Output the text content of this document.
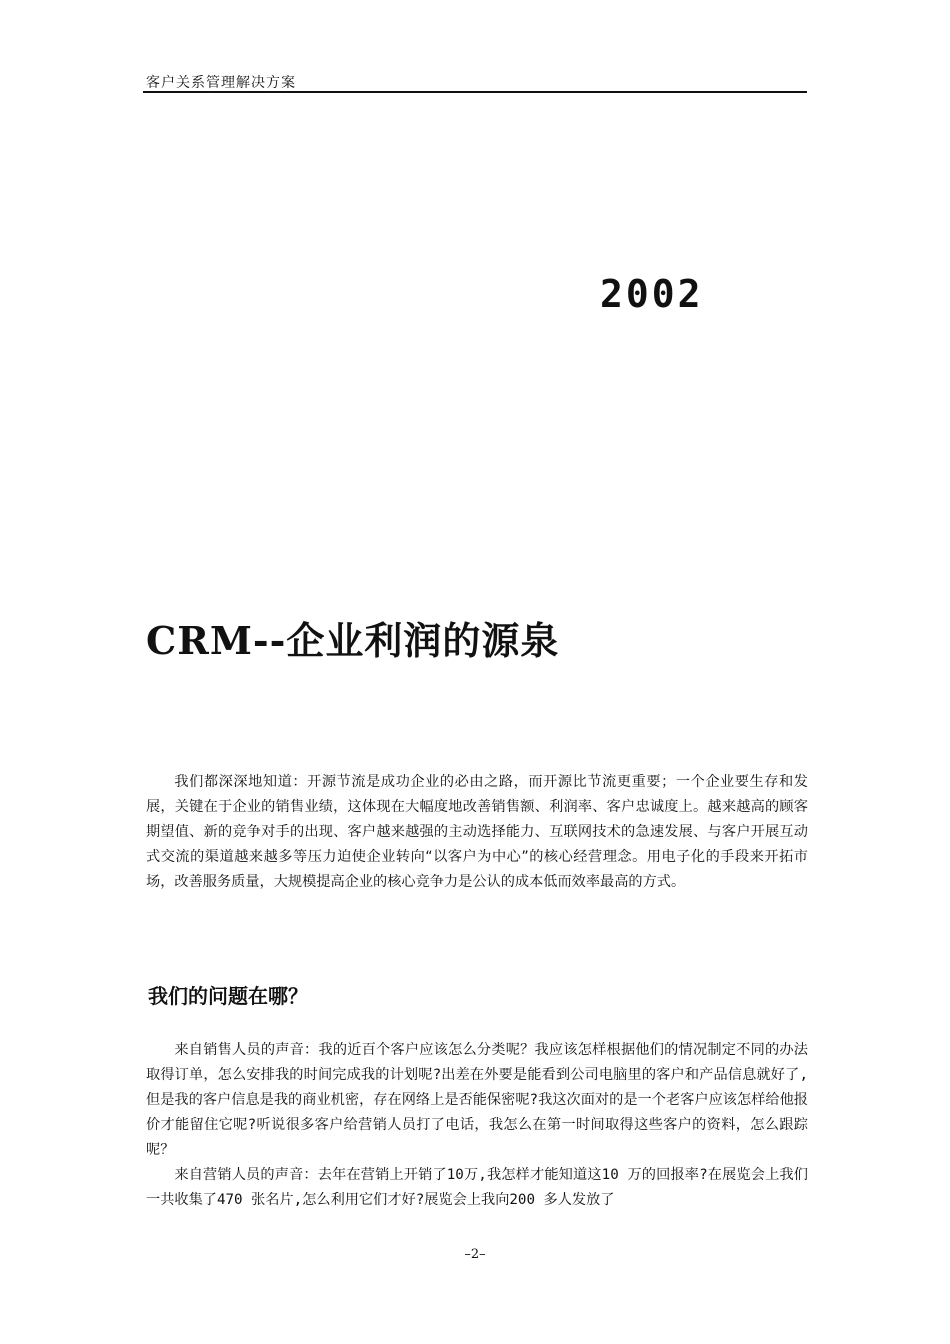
客户关系管理解决方案
2002
CRM--企业利润的源泉

我们都深深地知道：开源节流是成功企业的必由之路，而开源比节流更重要；一个企业要生存和发展，关键在于企业的销售业绩，这体现在大幅度地改善销售额、利润率、客户忠诚度上。越来越高的顾客期望值、新的竞争对手的出现、客户越来越强的主动选择能力、互联网技术的急速发展、与客户开展互动式交流的渠道越来越多等压力迫使企业转向“以客户为中心”的核心经营理念。用电子化的手段来开拓市场，改善服务质量，大规模提高企业的核心竞争力是公认的成本低而效率最高的方式。

我们的问题在哪？

来自销售人员的声音：我的近百个客户应该怎么分类呢？我应该怎样根据他们的情况制定不同的办法取得订单，怎么安排我的时间完成我的计划呢?出差在外要是能看到公司电脑里的客户和产品信息就好了,但是我的客户信息是我的商业机密，存在网络上是否能保密呢?我这次面对的是一个老客户应该怎样给他报价才能留住它呢?听说很多客户给营销人员打了电话，我怎么在第一时间取得这些客户的资料，怎么跟踪呢？

来自营销人员的声音：去年在营销上开销了10万,我怎样才能知道这10 万的回报率?在展览会上我们一共收集了470 张名片,怎么利用它们才好?展览会上我向200 多人发放了

–2–
